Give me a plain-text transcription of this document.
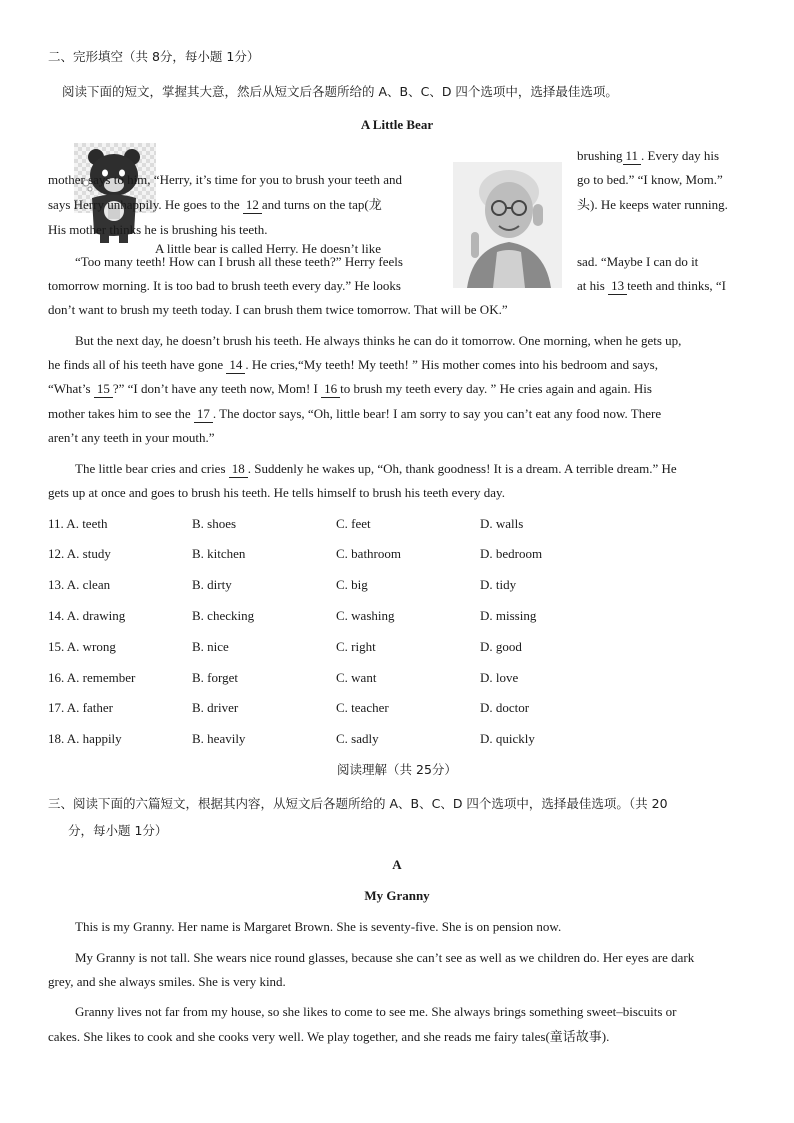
二、完形填空（共 8分，每小题 1分）
阅读下面的短文，掌握其大意，然后从短文后各题所给的 A、B、C、D 四个选项中，选择最佳选项。
A Little Bear
brushing 11 . Every day his
mother says to him, “Herry, it’s time for you to brush your teeth and	go to bed.” “I know, Mom.”
says Herry unhappily. He goes to the 12 and turns on the tap(龙	头). He keeps water running.
His mother thinks he is brushing his teeth.
A little bear is called Herry. He doesn’t like
“Too many teeth! How can I brush all these teeth?” Herry feels	sad. “Maybe I can do it
tomorrow morning. It is too bad to brush teeth every day.” He looks	at his 13 teeth and thinks, “I
don’t want to brush my teeth today. I can brush them twice tomorrow. That will be OK.”
But the next day, he doesn’t brush his teeth. He always thinks he can do it tomorrow. One morning, when he gets up,
he finds all of his teeth have gone 14 . He cries,“My teeth! My teeth! ” His mother comes into his bedroom and says,
“What’s 15 ?” “I don’t have any teeth now, Mom! I 16 to brush my teeth every day. ” He cries again and again. His
mother takes him to see the 17 . The doctor says, “Oh, little bear! I am sorry to say you can’t eat any food now. There
aren’t any teeth in your mouth.”
The little bear cries and cries 18 . Suddenly he wakes up, “Oh, thank goodness! It is a dream. A terrible dream.” He
gets up at once and goes to brush his teeth. He tells himself to brush his teeth every day.
11. A. teeth	B. shoes	C. feet	D. walls
12. A. study	B. kitchen	C. bathroom	D. bedroom
13. A. clean	B. dirty	C. big	D. tidy
14. A. drawing	B. checking	C. washing	D. missing
15. A. wrong	B. nice	C. right	D. good
16. A. remember	B. forget	C. want	D. love
17. A. father	B. driver	C. teacher	D. doctor
18. A. happily	B. heavily	C. sadly	D. quickly
阅读理解（共 25分）
三、阅读下面的六篇短文，根据其内容，从短文后各题所给的 A、B、C、D 四个选项中，选择最佳选项。（共 20
分，每小题 1分）
A
My Granny
This is my Granny. Her name is Margaret Brown. She is seventy-five. She is on pension now.
My Granny is not tall. She wears nice round glasses, because she can’t see as well as we children do. Her eyes are dark
grey, and she always smiles. She is very kind.
Granny lives not far from my house, so she likes to come to see me. She always brings something sweet–biscuits or
cakes. She likes to cook and she cooks very well. We play together, and she reads me fairy tales(童话故事).
